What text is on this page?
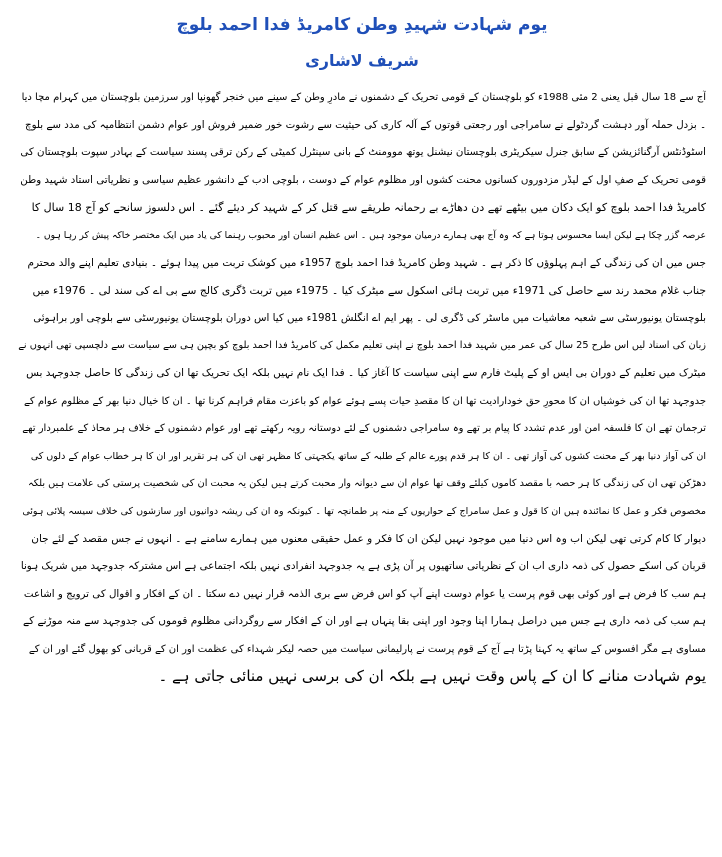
یوم شہادت شہیدِ وطن کامریڈ فدا احمد بلوچ
شریف لاشاری
آج سے 18 سال قبل یعنی 2 مئی 1988ء کو بلوچستان کے قومی تحریک کے دشمنوں نے مادرِ وطن کے سینے میں خنجر گھونپا اور سرزمین بلوچستان میں کہرام مچا دیا
۔ بزدل حملہ آور دہشت گردٹولے نے سامراجی اور رجعتی قوتوں کے آلہ کاری کی حیثیت سے رشوت خور ضمیر فروش اور عوام دشمن انتظامیہ کی مدد سے بلوچ
اسٹوڈنٹس آرگنائزیشن کے سابق جنرل سیکریٹری بلوچستان نیشنل یوتھ موومنٹ کے بانی سینٹرل کمیٹی کے رکن ترقی پسند سیاست کے بہادر سپوت بلوچستان کی
قومی تحریک کے صفِ اول کے لیڈر مزدوروں کسانوں محنت کشوں اور مظلوم عوام کے دوست ، بلوچی ادب کے دانشور عظیم سیاسی و نظریاتی استاد شہید وطن
کامریڈ فدا احمد بلوچ کو ایک دکان میں بیٹھے تھے دن دھاڑے بے رحمانہ طریقے سے قتل کر کے شہید کر دیئے گئے ۔ اس دلسوز سانحے کو آج 18 سال کا
عرصہ گزر چکا ہے لیکن ایسا محسوس ہوتا ہے کہ وہ آج بھی ہمارے درمیان موجود ہیں ۔ اس عظیم انسان اور محبوب رہنما کی یاد میں ایک مختصر خاکہ پیش کر رہا ہوں ۔
جس میں ان کی زندگی کے اہم پہلوؤں کا ذکر ہے ۔ شہید وطن کامریڈ فدا احمد بلوچ 1957ء میں کوشک تربت میں پیدا ہوئے ۔ بنیادی تعلیم اپنے والد محترم
جناب غلام محمد رند سے حاصل کی 1971ء میں تربت ہائی اسکول سے میٹرک کیا ۔ 1975ء میں تربت ڈگری کالج سے بی اے کی سند لی ۔ 1976ء میں
بلوچستان یونیورسٹی سے شعبہ معاشیات میں ماسٹر کی ڈگری لی ۔ پھر ایم اے انگلش 1981ء میں کیا اس دوران بلوچستان یونیورسٹی سے بلوچی اور براہوئی
زبان کی اسناد لیں اس طرح 25 سال کی عمر میں شہید فدا احمد بلوچ نے اپنی تعلیم مکمل کی کامریڈ فدا احمد بلوچ کو بچپن ہی سے سیاست سے دلچسپی تھی انہوں نے
میٹرک میں تعلیم کے دوران بی ایس او کے پلیٹ فارم سے اپنی سیاست کا آغاز کیا ۔ فدا ایک نام نہیں بلکہ ایک تحریک تھا ان کی زندگی کا حاصل جدوجہد بس
جدوجہد تھا ان کی خوشیاں ان کا محورِ حق خودارادیت تھا ان کا مقصدِ حیات پسے ہوئے عوام کو باعزت مقام فراہم کرنا تھا ۔ ان کا خیال دنیا بھر کے مظلوم عوام کے
ترجمان تھے ان کا فلسفہ امن اور عدم تشدد کا پیام بر تھے وہ سامراجی دشمنوں کے لئے دوستانہ رویہ رکھتے تھے اور عوام دشمنوں کے خلاف ہر محاذ کے علمبردار تھے
ان کی آواز دنیا بھر کے محنت کشوں کی آواز تھی ۔ ان کا ہر قدم پورے عالم کے طلبہ کے ساتھ یکجہتی کا مظہر تھی ان کی ہر تقریر اور ان کا ہر خطاب عوام کے دلوں کی
دھڑکن تھی ان کی زندگی کا ہر حصہ با مقصد کاموں کیلئے وقف تھا عوام ان سے دیوانہ وار محبت کرتے ہیں لیکن یہ محبت ان کی شخصیت پرستی کی علامت ہیں بلکہ
مخصوص فکر و عمل کا نمائندہ ہیں ان کا قول و عمل سامراج کے حواریوں کے منہ پر طمانچہ تھا ۔ کیونکہ وہ ان کی ریشہ دوانیوں اور سازشوں کی خلاف سیسہ پلائی ہوئی
دیوار کا کام کرتی تھی لیکن اب وہ اس دنیا میں موجود نہیں لیکن ان کا فکر و عمل حقیقی معنوں میں ہمارے سامنے ہے ۔ انہوں نے جس مقصد کے لئے جان
قربان کی اسکے حصول کی ذمہ داری اب ان کے نظریاتی ساتھیوں پر آن پڑی ہے یہ جدوجہد انفرادی نہیں بلکہ اجتماعی ہے اس مشترکہ جدوجہد میں شریک ہونا
ہم سب کا فرض ہے اور کوئی بھی قوم پرست یا عوام دوست اپنے آپ کو اس فرض سے بری الذمہ قرار نہیں دے سکتا ۔ ان کے افکار و اقوال کی ترویج و اشاعت
ہم سب کی ذمہ داری ہے جس میں دراصل ہمارا اپنا وجود اور اپنی بقا پنہاں ہے اور ان کے افکار سے روگردانی مظلوم قوموں کی جدوجہد سے منہ موڑنے کے
مساوی ہے مگر افسوس کے ساتھ یہ کہنا پڑتا ہے آج کے قوم پرست نے پارلیمانی سیاست میں حصہ لیکر شہداء کی عظمت اور ان کے قربانی کو بھول گئے اور ان کے
یوم شہادت منانے کا ان کے پاس وقت نہیں ہے بلکہ ان کی برسی نہیں منائی جاتی ہے ۔
